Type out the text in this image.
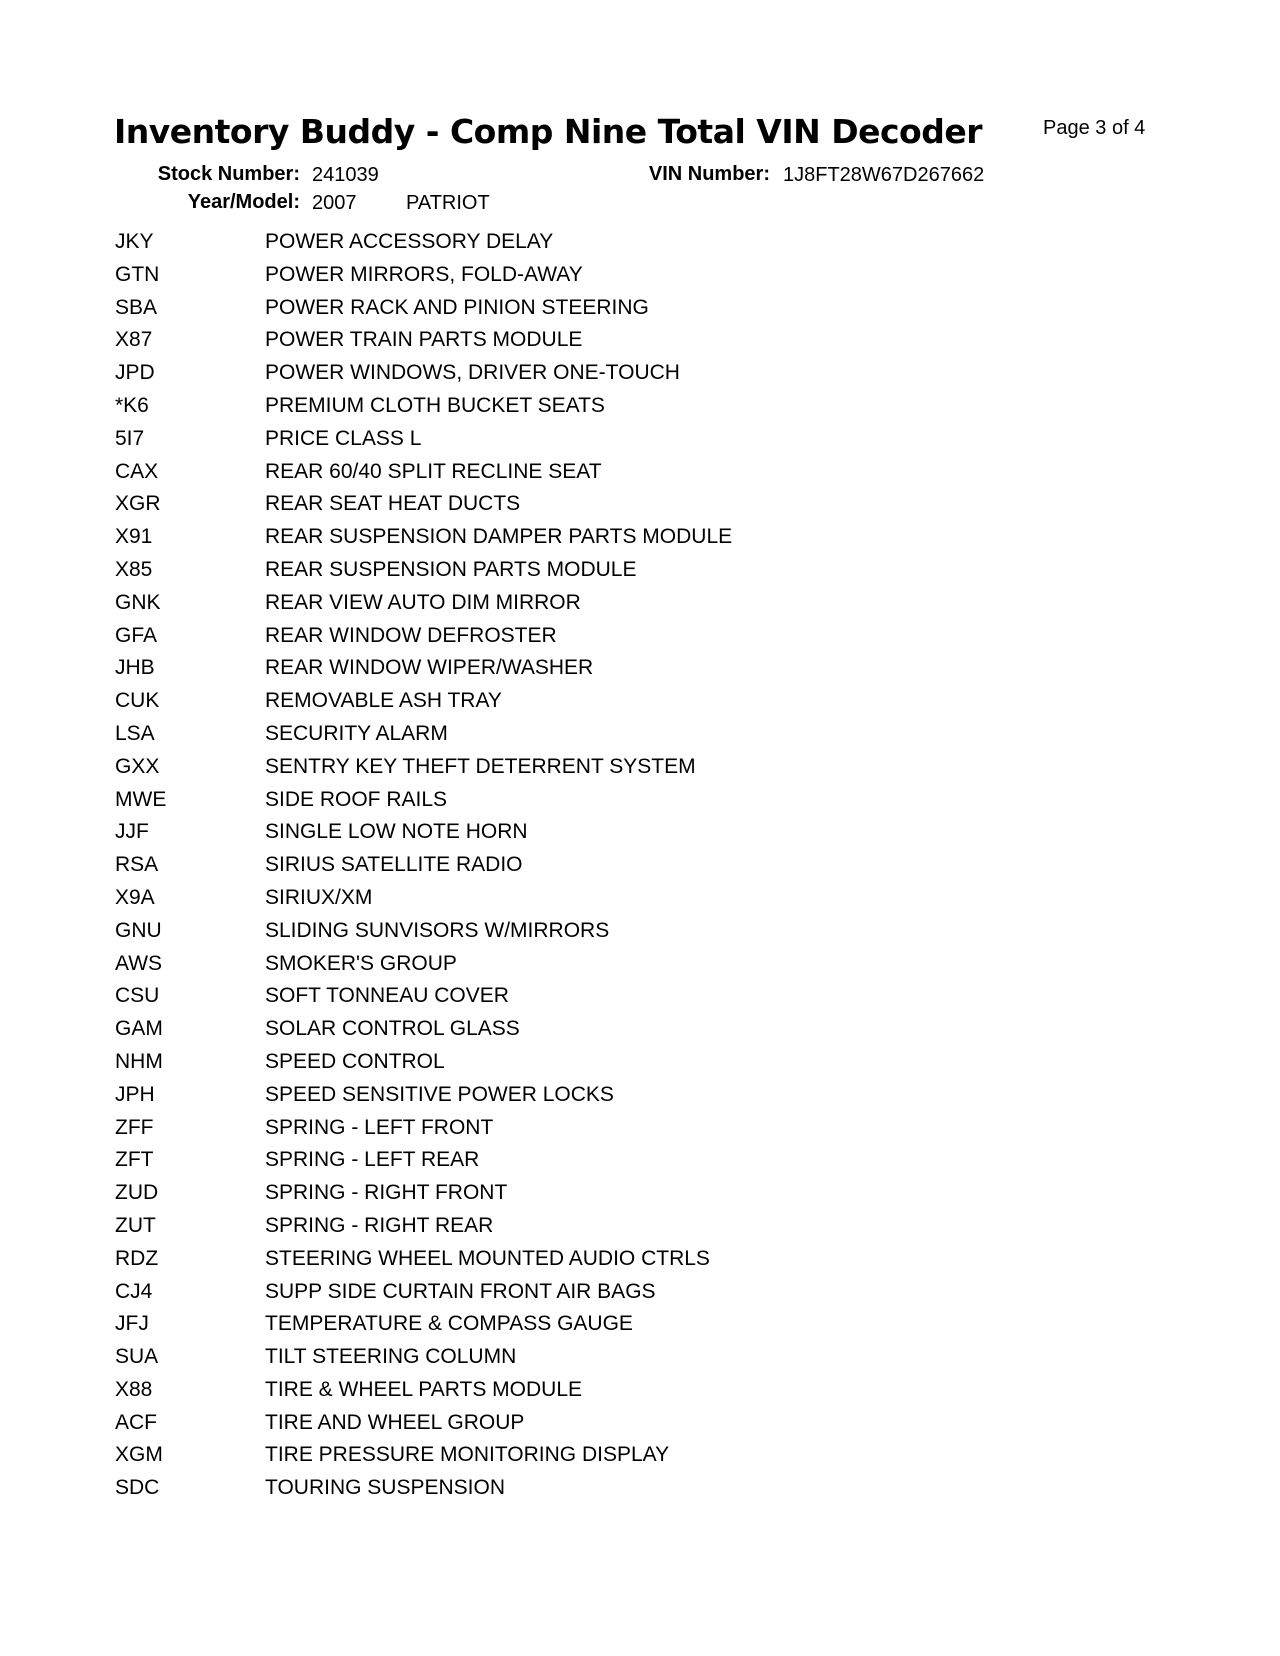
Inventory Buddy - Comp Nine Total VIN Decoder	Page 3 of 4
Stock Number: 241039	VIN Number: 1J8FT28W67D267662
Year/Model: 2007 PATRIOT
JKY	POWER ACCESSORY DELAY
GTN	POWER MIRRORS, FOLD-AWAY
SBA	POWER RACK AND PINION STEERING
X87	POWER TRAIN PARTS MODULE
JPD	POWER WINDOWS, DRIVER ONE-TOUCH
*K6	PREMIUM CLOTH BUCKET SEATS
5I7	PRICE CLASS L
CAX	REAR 60/40 SPLIT RECLINE SEAT
XGR	REAR SEAT HEAT DUCTS
X91	REAR SUSPENSION DAMPER PARTS MODULE
X85	REAR SUSPENSION PARTS MODULE
GNK	REAR VIEW AUTO DIM MIRROR
GFA	REAR WINDOW DEFROSTER
JHB	REAR WINDOW WIPER/WASHER
CUK	REMOVABLE ASH TRAY
LSA	SECURITY ALARM
GXX	SENTRY KEY THEFT DETERRENT SYSTEM
MWE	SIDE ROOF RAILS
JJF	SINGLE LOW NOTE HORN
RSA	SIRIUS SATELLITE RADIO
X9A	SIRIUX/XM
GNU	SLIDING SUNVISORS W/MIRRORS
AWS	SMOKER'S GROUP
CSU	SOFT TONNEAU COVER
GAM	SOLAR CONTROL GLASS
NHM	SPEED CONTROL
JPH	SPEED SENSITIVE POWER LOCKS
ZFF	SPRING - LEFT FRONT
ZFT	SPRING - LEFT REAR
ZUD	SPRING - RIGHT FRONT
ZUT	SPRING - RIGHT REAR
RDZ	STEERING WHEEL MOUNTED AUDIO CTRLS
CJ4	SUPP SIDE CURTAIN FRONT AIR BAGS
JFJ	TEMPERATURE & COMPASS GAUGE
SUA	TILT STEERING COLUMN
X88	TIRE & WHEEL PARTS MODULE
ACF	TIRE AND WHEEL GROUP
XGM	TIRE PRESSURE MONITORING DISPLAY
SDC	TOURING SUSPENSION
